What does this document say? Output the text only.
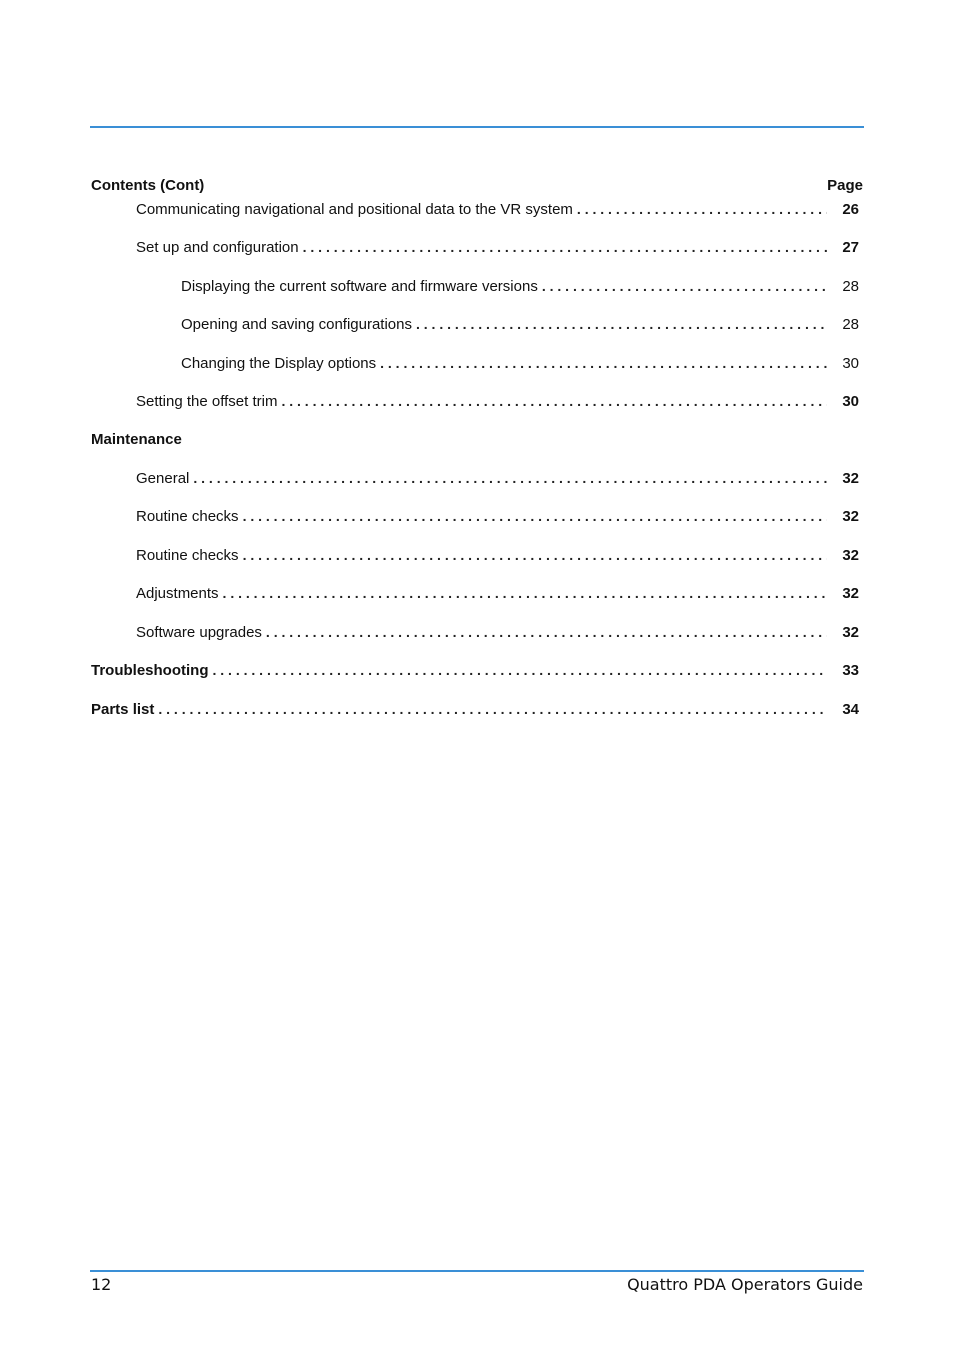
Contents (Cont)	Page
Communicating navigational and positional data to the VR system . . .	26
Set up and configuration . . .	27
Displaying the current software and firmware versions . . .	28
Opening and saving configurations . . .	28
Changing the Display options . . .	30
Setting the offset trim . . .	30
Maintenance
General . . .	32
Routine checks . . .	32
Routine checks . . .	32
Adjustments . . .	32
Software upgrades . . .	32
Troubleshooting . . .	33
Parts list . . .	34
12	Quattro PDA Operators Guide
